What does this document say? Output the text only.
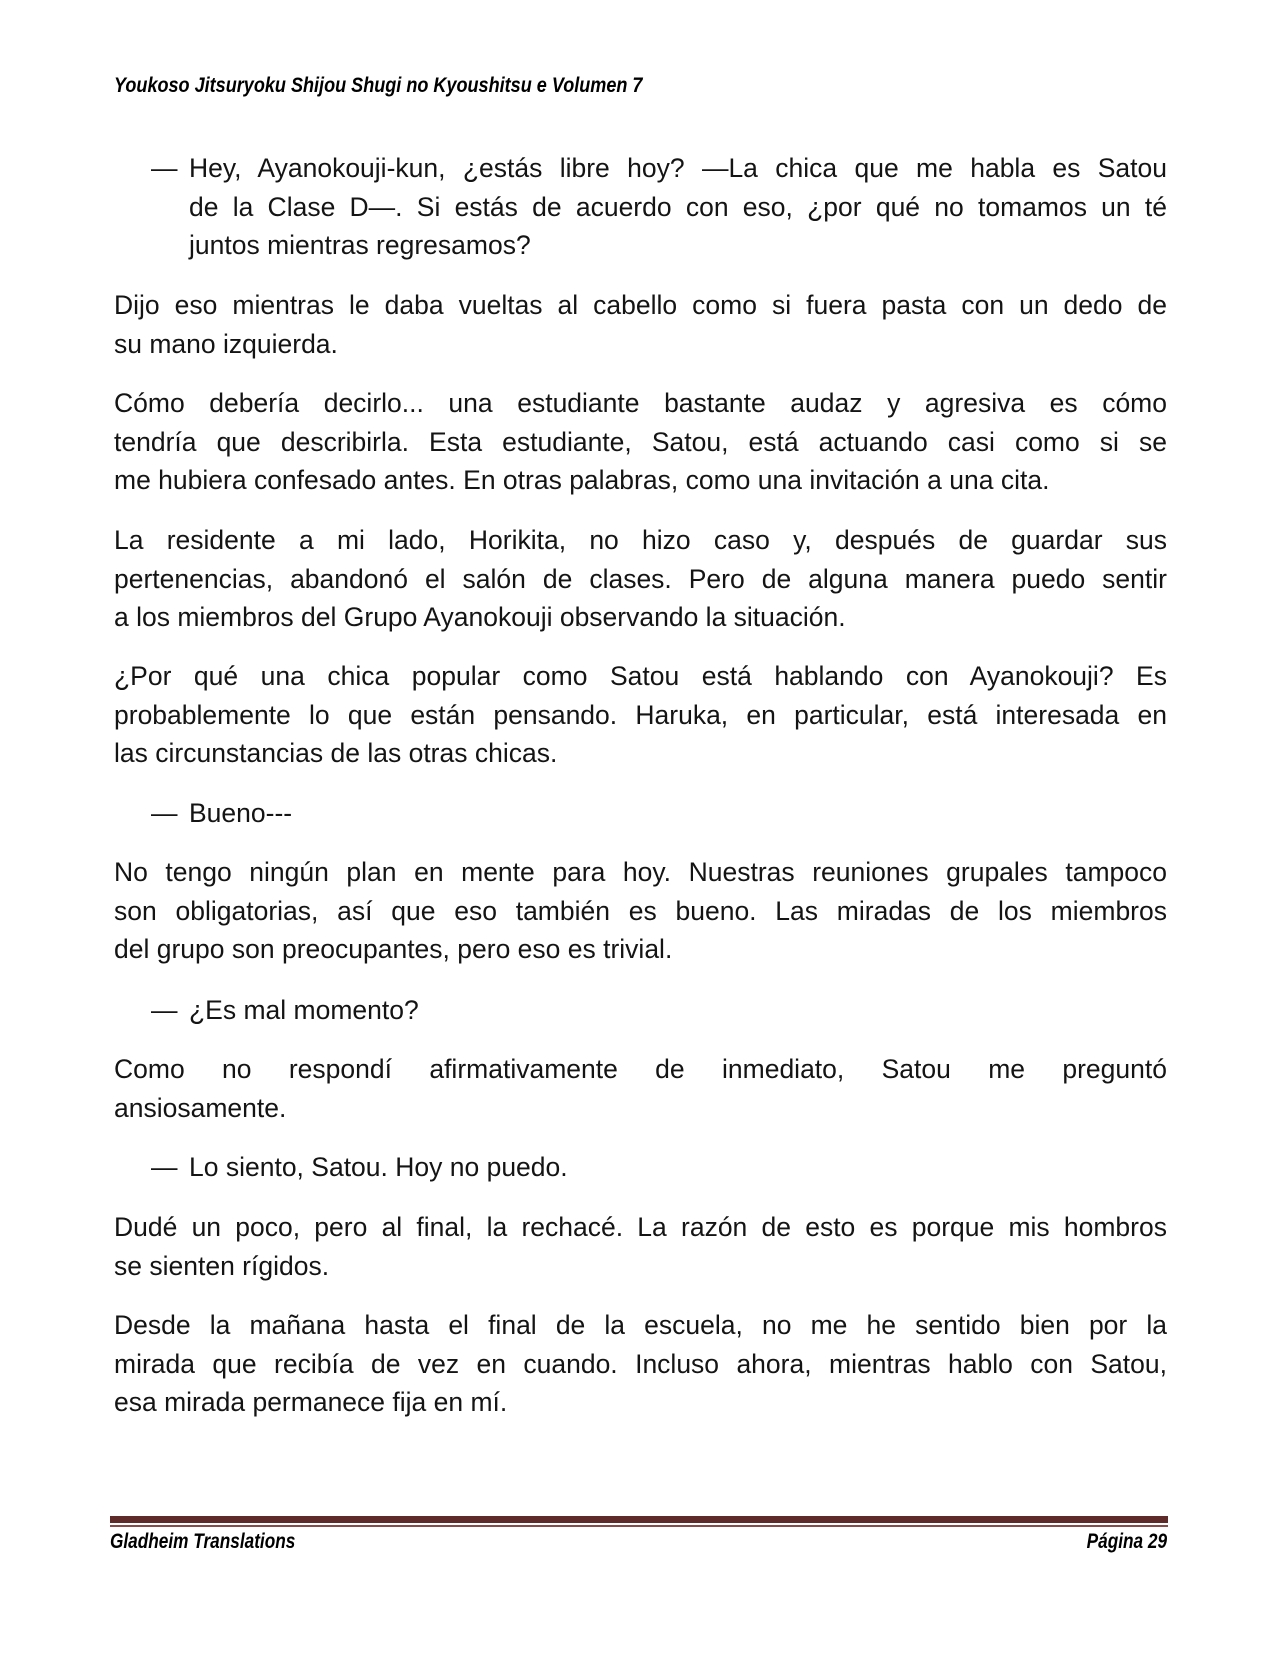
Youkoso Jitsuryoku Shijou Shugi no Kyoushitsu e Volumen 7
— Hey, Ayanokouji-kun, ¿estás libre hoy? —La chica que me habla es Satou
de la Clase D—. Si estás de acuerdo con eso, ¿por qué no tomamos un té
juntos mientras regresamos?
Dijo eso mientras le daba vueltas al cabello como si fuera pasta con un dedo de
su mano izquierda.
Cómo debería decirlo... una estudiante bastante audaz y agresiva es cómo
tendría que describirla. Esta estudiante, Satou, está actuando casi como si se
me hubiera confesado antes. En otras palabras, como una invitación a una cita.
La residente a mi lado, Horikita, no hizo caso y, después de guardar sus
pertenencias, abandonó el salón de clases. Pero de alguna manera puedo sentir
a los miembros del Grupo Ayanokouji observando la situación.
¿Por qué una chica popular como Satou está hablando con Ayanokouji? Es
probablemente lo que están pensando. Haruka, en particular, está interesada en
las circunstancias de las otras chicas.
— Bueno---
No tengo ningún plan en mente para hoy. Nuestras reuniones grupales tampoco
son obligatorias, así que eso también es bueno. Las miradas de los miembros
del grupo son preocupantes, pero eso es trivial.
— ¿Es mal momento?
Como no respondí afirmativamente de inmediato, Satou me preguntó
ansiosamente.
— Lo siento, Satou. Hoy no puedo.
Dudé un poco, pero al final, la rechacé. La razón de esto es porque mis hombros
se sienten rígidos.
Desde la mañana hasta el final de la escuela, no me he sentido bien por la
mirada que recibía de vez en cuando. Incluso ahora, mientras hablo con Satou,
esa mirada permanece fija en mí.
Gladheim Translations	Página 29
